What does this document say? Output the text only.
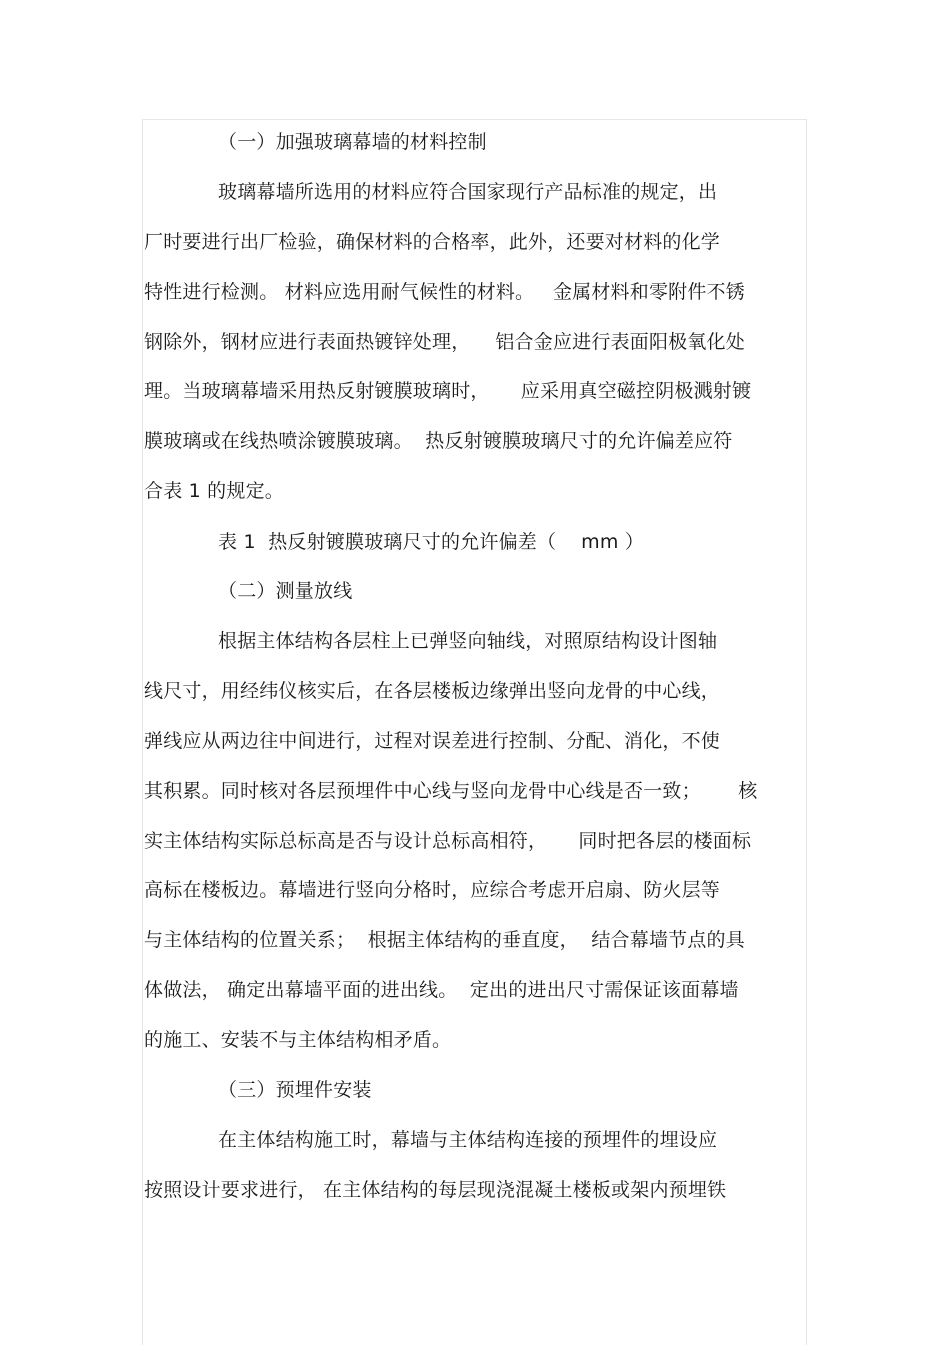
（一）加强玻璃幕墙的材料控制
玻璃幕墙所选用的材料应符合国家现行产品标准的规定，出
厂时要进行出厂检验，确保材料的合格率，此外，还要对材料的化学
特性进行检测。 材料应选用耐气候性的材料。   金属材料和零附件不锈
钢除外，钢材应进行表面热镀锌处理，    铝合金应进行表面阳极氧化处
理。当玻璃幕墙采用热反射镀膜玻璃时，     应采用真空磁控阴极溅射镀
膜玻璃或在线热喷涂镀膜玻璃。  热反射镀膜玻璃尺寸的允许偏差应符
合表 1 的规定。
表 1  热反射镀膜玻璃尺寸的允许偏差（    mm ）
（二）测量放线
根据主体结构各层柱上已弹竖向轴线，对照原结构设计图轴
线尺寸，用经纬仪核实后，在各层楼板边缘弹出竖向龙骨的中心线，
弹线应从两边往中间进行，过程对误差进行控制、分配、消化，不使
其积累。同时核对各层预埋件中心线与竖向龙骨中心线是否一致；      核
实主体结构实际总标高是否与设计总标高相符，     同时把各层的楼面标
高标在楼板边。幕墙进行竖向分格时，应综合考虑开启扇、防火层等
与主体结构的位置关系；  根据主体结构的垂直度，  结合幕墙节点的具
体做法， 确定出幕墙平面的进出线。  定出的进出尺寸需保证该面幕墙
的施工、安装不与主体结构相矛盾。
（三）预埋件安装
在主体结构施工时，幕墙与主体结构连接的预埋件的埋设应
按照设计要求进行， 在主体结构的每层现浇混凝土楼板或架内预埋铁
